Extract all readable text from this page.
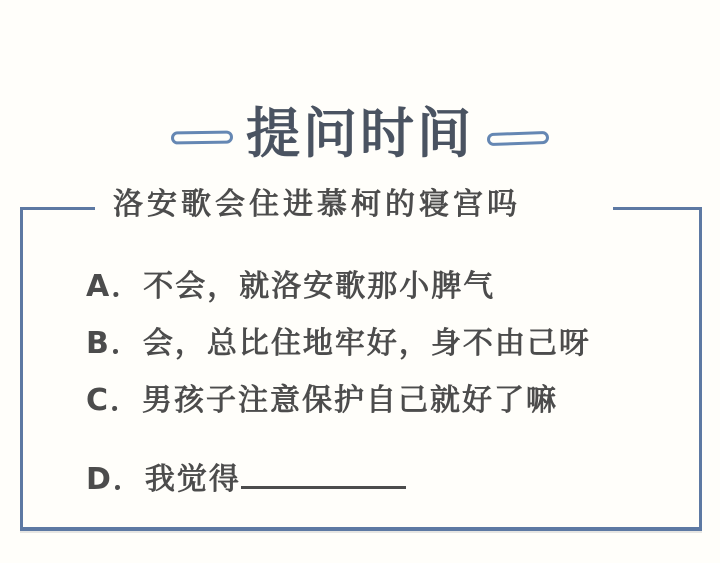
提问时间
洛安歌会住进慕柯的寝宫吗
A．不会，就洛安歌那小脾气
B．会，总比住地牢好，身不由己呀
C．男孩子注意保护自己就好了嘛
D．我觉得
